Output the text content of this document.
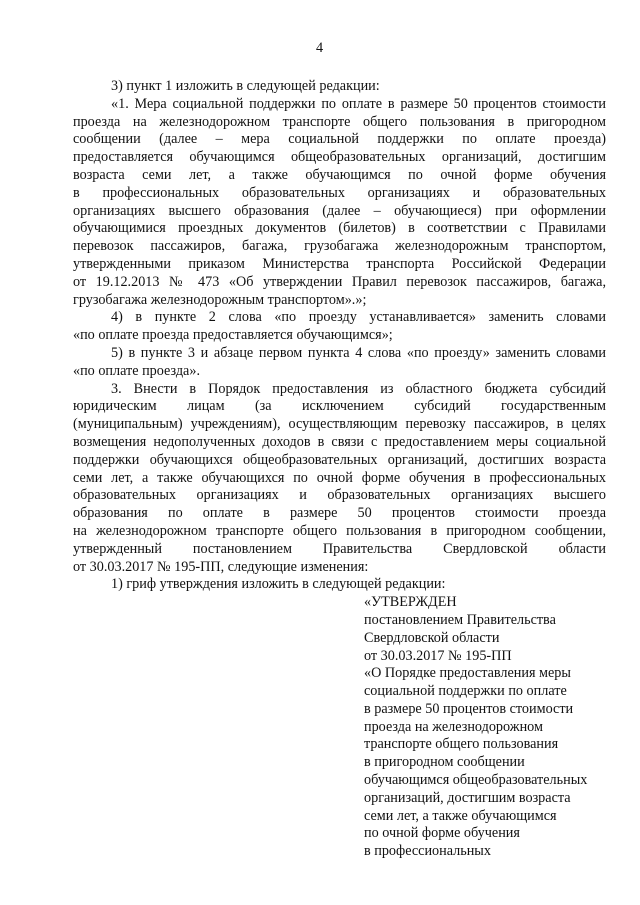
4
3) пункт 1 изложить в следующей редакции:
«1. Мера социальной поддержки по оплате в размере 50 процентов стоимости
проезда на железнодорожном транспорте общего пользования в пригородном
сообщении (далее – мера социальной поддержки по оплате проезда)
предоставляется обучающимся общеобразовательных организаций, достигшим
возраста семи лет, а также обучающимся по очной форме обучения
в профессиональных образовательных организациях и образовательных
организациях высшего образования (далее – обучающиеся) при оформлении
обучающимися проездных документов (билетов) в соответствии с Правилами
перевозок пассажиров, багажа, грузобагажа железнодорожным транспортом,
утвержденными приказом Министерства транспорта Российской Федерации
от 19.12.2013 № 473 «Об утверждении Правил перевозок пассажиров, багажа,
грузобагажа железнодорожным транспортом».»;
4) в пункте 2 слова «по проезду устанавливается» заменить словами
«по оплате проезда предоставляется обучающимся»;
5) в пункте 3 и абзаце первом пункта 4 слова «по проезду» заменить словами
«по оплате проезда».
3. Внести в Порядок предоставления из областного бюджета субсидий
юридическим лицам (за исключением субсидий государственным
(муниципальным) учреждениям), осуществляющим перевозку пассажиров, в целях
возмещения недополученных доходов в связи с предоставлением меры социальной
поддержки обучающихся общеобразовательных организаций, достигших возраста
семи лет, а также обучающихся по очной форме обучения в профессиональных
образовательных организациях и образовательных организациях высшего
образования по оплате в размере 50 процентов стоимости проезда
на железнодорожном транспорте общего пользования в пригородном сообщении,
утвержденный постановлением Правительства Свердловской области
от 30.03.2017 № 195-ПП, следующие изменения:
1) гриф утверждения изложить в следующей редакции:
«УТВЕРЖДЕН
постановлением Правительства
Свердловской области
от 30.03.2017 № 195-ПП
«О Порядке предоставления меры
социальной поддержки по оплате
в размере 50 процентов стоимости
проезда на железнодорожном
транспорте общего пользования
в пригородном сообщении
обучающимся общеобразовательных
организаций, достигшим возраста
семи лет, а также обучающимся
по очной форме обучения
в профессиональных
